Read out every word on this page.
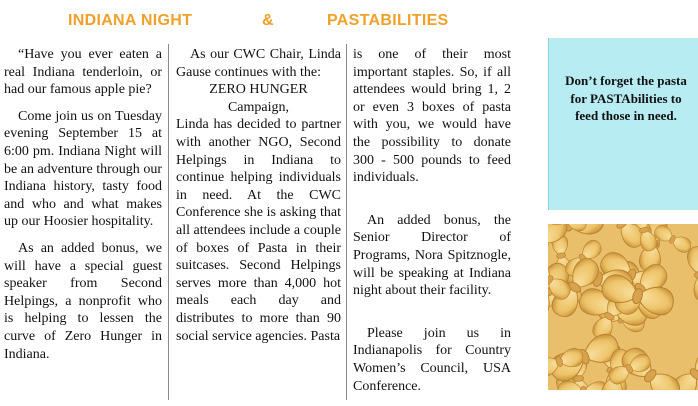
INDIANA NIGHT	&	PASTABILITIES

“Have you ever eaten a real Indiana tenderloin, or had our famous apple pie?

Come join us on Tuesday evening September 15 at 6:00 pm. Indiana Night will be an adventure through our Indiana history, tasty food and who and what makes up our Hoosier hospitality.

As an added bonus, we will have a special guest speaker from Second Helpings, a nonprofit who is helping to lessen the curve of Zero Hunger in Indiana.

As our CWC Chair, Linda Gause continues with the:

ZERO HUNGER

Campaign,

Linda has decided to partner with another NGO, Second Helpings in Indiana to continue helping individuals in need. At the CWC Conference she is asking that all attendees include a couple of boxes of Pasta in their suitcases. Second Helpings serves more than 4,000 hot meals each day and distributes to more than 90 social service agencies. Pasta

is one of their most important staples. So, if all attendees would bring 1, 2 or even 3 boxes of pasta with you, we would have the possibility to donate 300 - 500 pounds to feed individuals.

An added bonus, the Senior Director of Programs, Nora Spitznogle, will be speaking at Indiana night about their facility.

Please join us in Indianapolis for Country Women’s Council, USA Conference.

Don’t forget the pasta for PASTAbilities to feed those in need.
